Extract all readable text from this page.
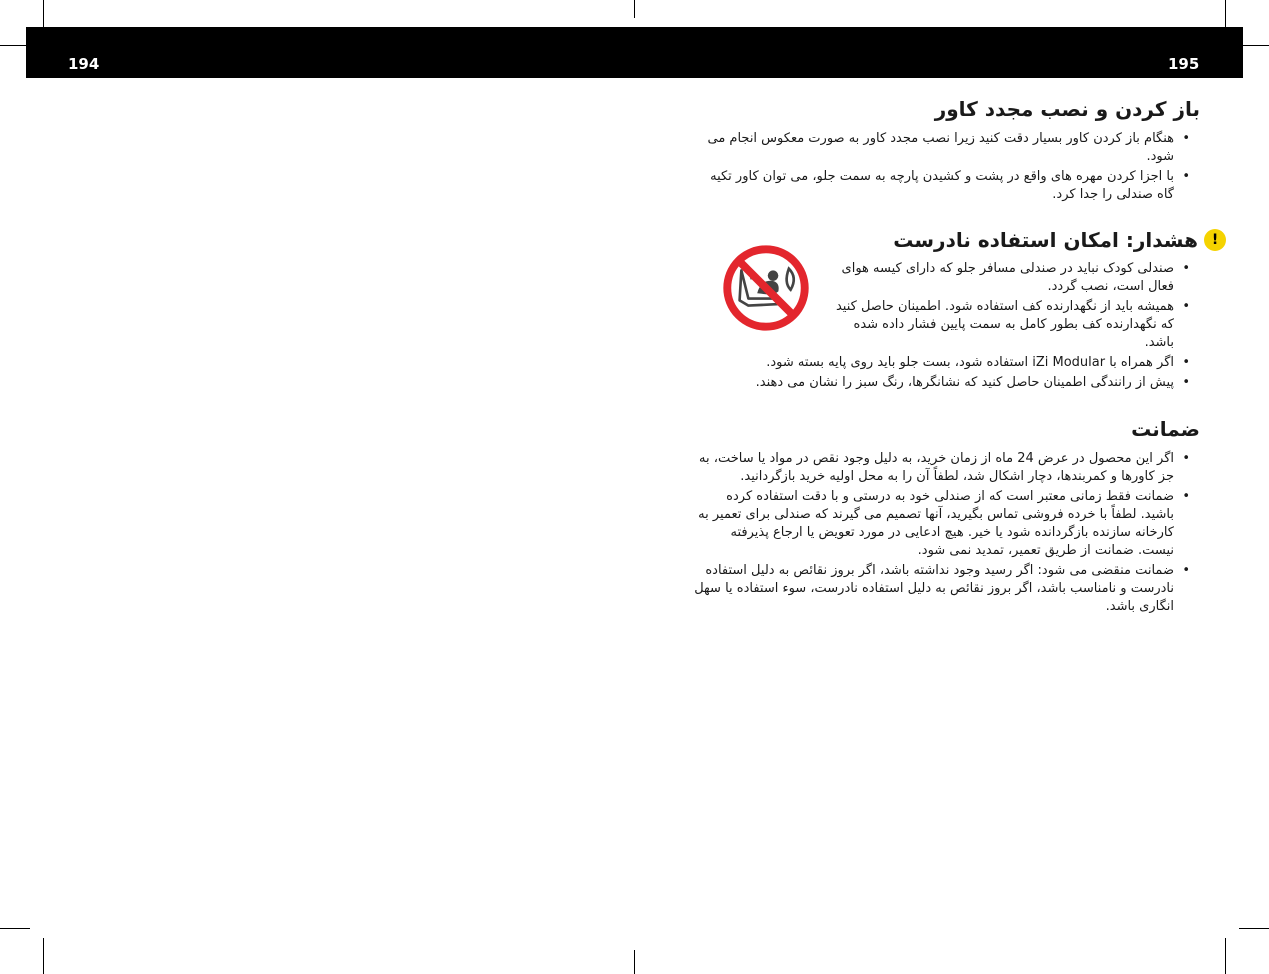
194	195
باز کردن و نصب مجدد کاور
• هنگام باز کردن کاور بسیار دقت کنید زیرا نصب مجدد کاور به صورت معکوس انجام می شود.
• با اجزا کردن مهره های واقع در پشت و کشیدن پارچه به سمت جلو، می توان کاور تکیه گاه صندلی را جدا کرد.
!
هشدار: امکان استفاده نادرست
• صندلی کودک نباید در صندلی مسافر جلو که دارای کیسه هوای فعال است، نصب گردد.
• همیشه باید از نگهدارنده کف استفاده شود. اطمینان حاصل کنید که نگهدارنده کف بطور کامل به سمت پایین فشار داده شده باشد.
• اگر همراه با iZi Modular استفاده شود، بست جلو باید روی پایه بسته شود.
• پیش از رانندگی اطمینان حاصل کنید که نشانگرها، رنگ سبز را نشان می دهند.
ضمانت
• اگر این محصول در عرض 24 ماه از زمان خرید، به دلیل وجود نقص در مواد یا ساخت، به جز کاورها و کمربندها، دچار اشکال شد، لطفاً آن را به محل اولیه خرید بازگردانید.
• ضمانت فقط زمانی معتبر است که از صندلی خود به درستی و با دقت استفاده کرده باشید. لطفاً با خرده فروشی تماس بگیرید، آنها تصمیم می گیرند که صندلی برای تعمیر به کارخانه سازنده بازگردانده شود یا خیر. هیچ ادعایی در مورد تعویض یا ارجاع پذیرفته نیست. ضمانت از طریق تعمیر، تمدید نمی شود.
• ضمانت منقضی می شود: اگر رسید وجود نداشته باشد، اگر بروز نقائص به دلیل استفاده نادرست و نامناسب باشد، اگر بروز نقائص به دلیل استفاده نادرست، سوء استفاده یا سهل انگاری باشد.
